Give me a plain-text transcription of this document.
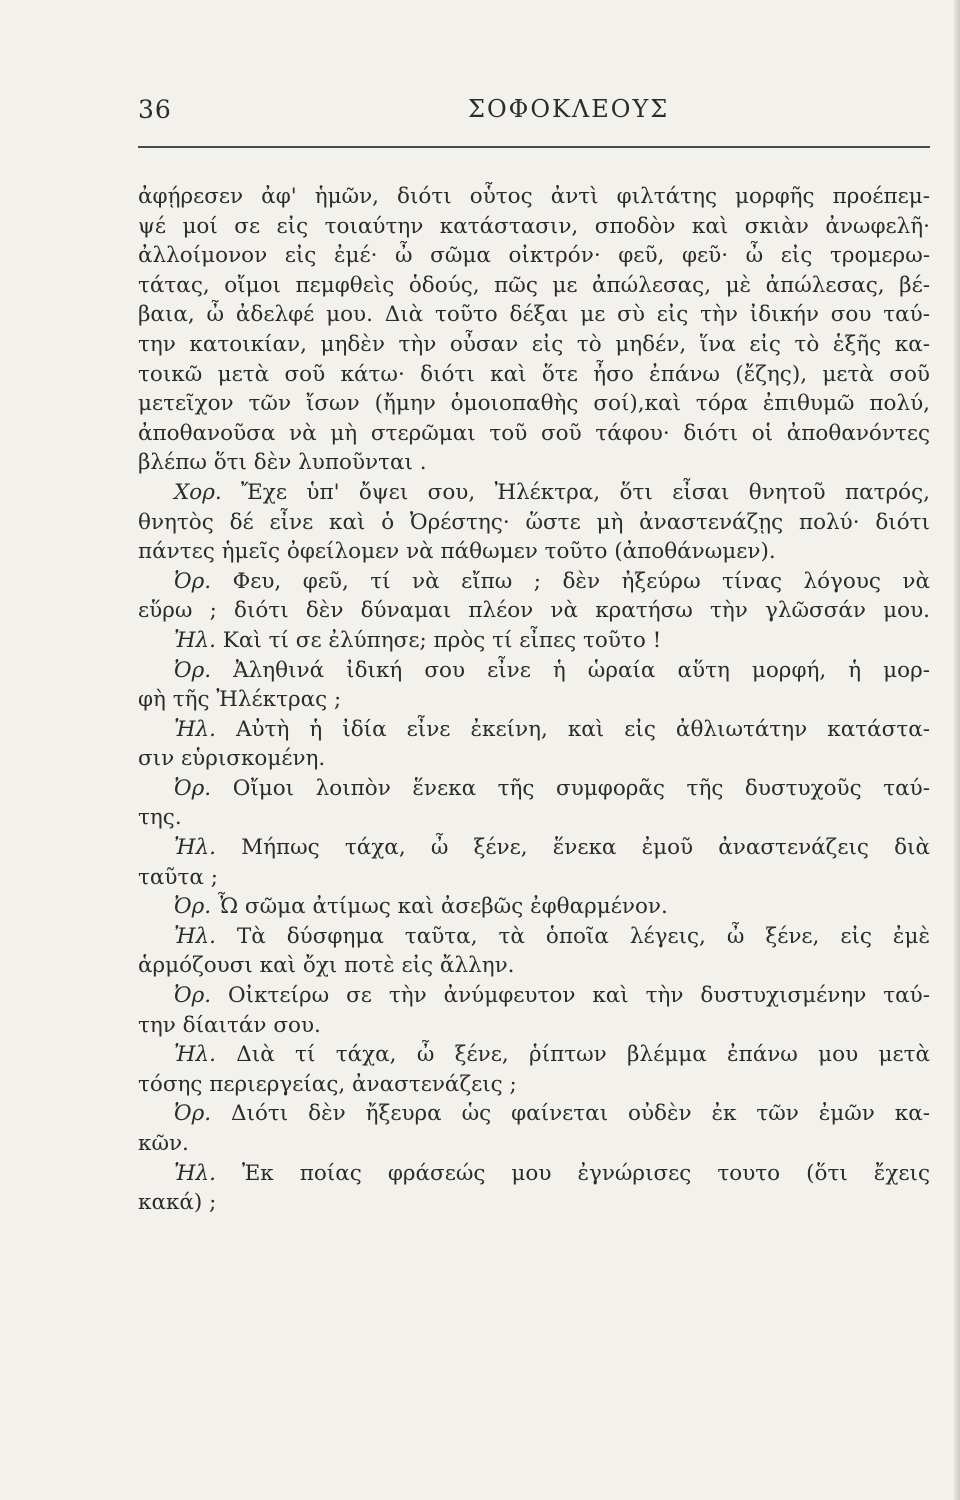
36	ΣΟΦΟΚΛΕΟΥΣ
ἀφῄρεσεν ἀφ' ἡμῶν, διότι οὗτος ἀντὶ φιλτάτης μορφῆς προέπεμ-
ψέ μοί σε εἰς τοιαύτην κατάστασιν, σποδὸν καὶ σκιὰν ἀνωφελῆ·
ἀλλοίμονον εἰς ἐμέ· ὦ σῶμα οἰκτρόν· φεῦ, φεῦ· ὦ εἰς τρομερω-
τάτας, οἴμοι πεμφθεὶς ὁδούς, πῶς με ἀπώλεσας, μὲ ἀπώλεσας, βέ-
βαια, ὦ ἀδελφέ μου. Διὰ τοῦτο δέξαι με σὺ εἰς τὴν ἰδικήν σου ταύ-
την κατοικίαν, μηδὲν τὴν οὖσαν εἰς τὸ μηδέν, ἵνα εἰς τὸ ἑξῆς κα-
τοικῶ μετὰ σοῦ κάτω· διότι καὶ ὅτε ἦσο ἐπάνω (ἔζης), μετὰ σοῦ
μετεῖχον τῶν ἴσων (ἤμην ὁμοιοπαθὴς σοί),καὶ τόρα ἐπιθυμῶ πολύ,
ἀποθανοῦσα νὰ μὴ στερῶμαι τοῦ σοῦ τάφου· διότι οἱ ἀποθανόντες
βλέπω ὅτι δὲν λυποῦνται .
Χορ. Ἔχε ὑπ' ὄψει σου, Ἠλέκτρα, ὅτι εἶσαι θνητοῦ πατρός,
θνητὸς δέ εἶνε καὶ ὁ Ὀρέστης· ὥστε μὴ ἀναστενάζῃς πολύ· διότι
πάντες ἡμεῖς ὀφείλομεν νὰ πάθωμεν τοῦτο (ἀποθάνωμεν).
Ὀρ. Φευ, φεῦ, τί νὰ εἴπω ; δὲν ἠξεύρω τίνας λόγους νὰ
εὕρω ; διότι δὲν δύναμαι πλέον νὰ κρατήσω τὴν γλῶσσάν μου.
Ἠλ. Καὶ τί σε ἐλύπησε; πρὸς τί εἶπες τοῦτο !
Ὀρ. Ἀληθινά ἰδική σου εἶνε ἡ ὡραία αὕτη μορφή, ἡ μορ-
φὴ τῆς Ἠλέκτρας ;
Ἠλ. Αὐτὴ ἡ ἰδία εἶνε ἐκείνη, καὶ εἰς ἀθλιωτάτην κατάστα-
σιν εὑρισκομένη.
Ὀρ. Οἴμοι λοιπὸν ἕνεκα τῆς συμφορᾶς τῆς δυστυχοῦς ταύ-
της.
Ἠλ. Μήπως τάχα, ὦ ξένε, ἕνεκα ἐμοῦ ἀναστενάζεις διὰ
ταῦτα ;
Ὀρ. Ὦ σῶμα ἀτίμως καὶ ἀσεβῶς ἐφθαρμένον.
Ἠλ. Τὰ δύσφημα ταῦτα, τὰ ὁποῖα λέγεις, ὦ ξένε, εἰς ἐμὲ
ἁρμόζουσι καὶ ὄχι ποτὲ εἰς ἄλλην.
Ὀρ. Οἰκτείρω σε τὴν ἀνύμφευτον καὶ τὴν δυστυχισμένην ταύ-
την δίαιτάν σου.
Ἠλ. Διὰ τί τάχα, ὦ ξένε, ῥίπτων βλέμμα ἐπάνω μου μετὰ
τόσης περιεργείας, ἀναστενάζεις ;
Ὀρ. Διότι δὲν ἤξευρα ὡς φαίνεται οὐδὲν ἐκ τῶν ἐμῶν κα-
κῶν.
Ἠλ. Ἐκ ποίας φράσεώς μου ἐγνώρισες τουτο (ὅτι ἔχεις
κακά) ;
